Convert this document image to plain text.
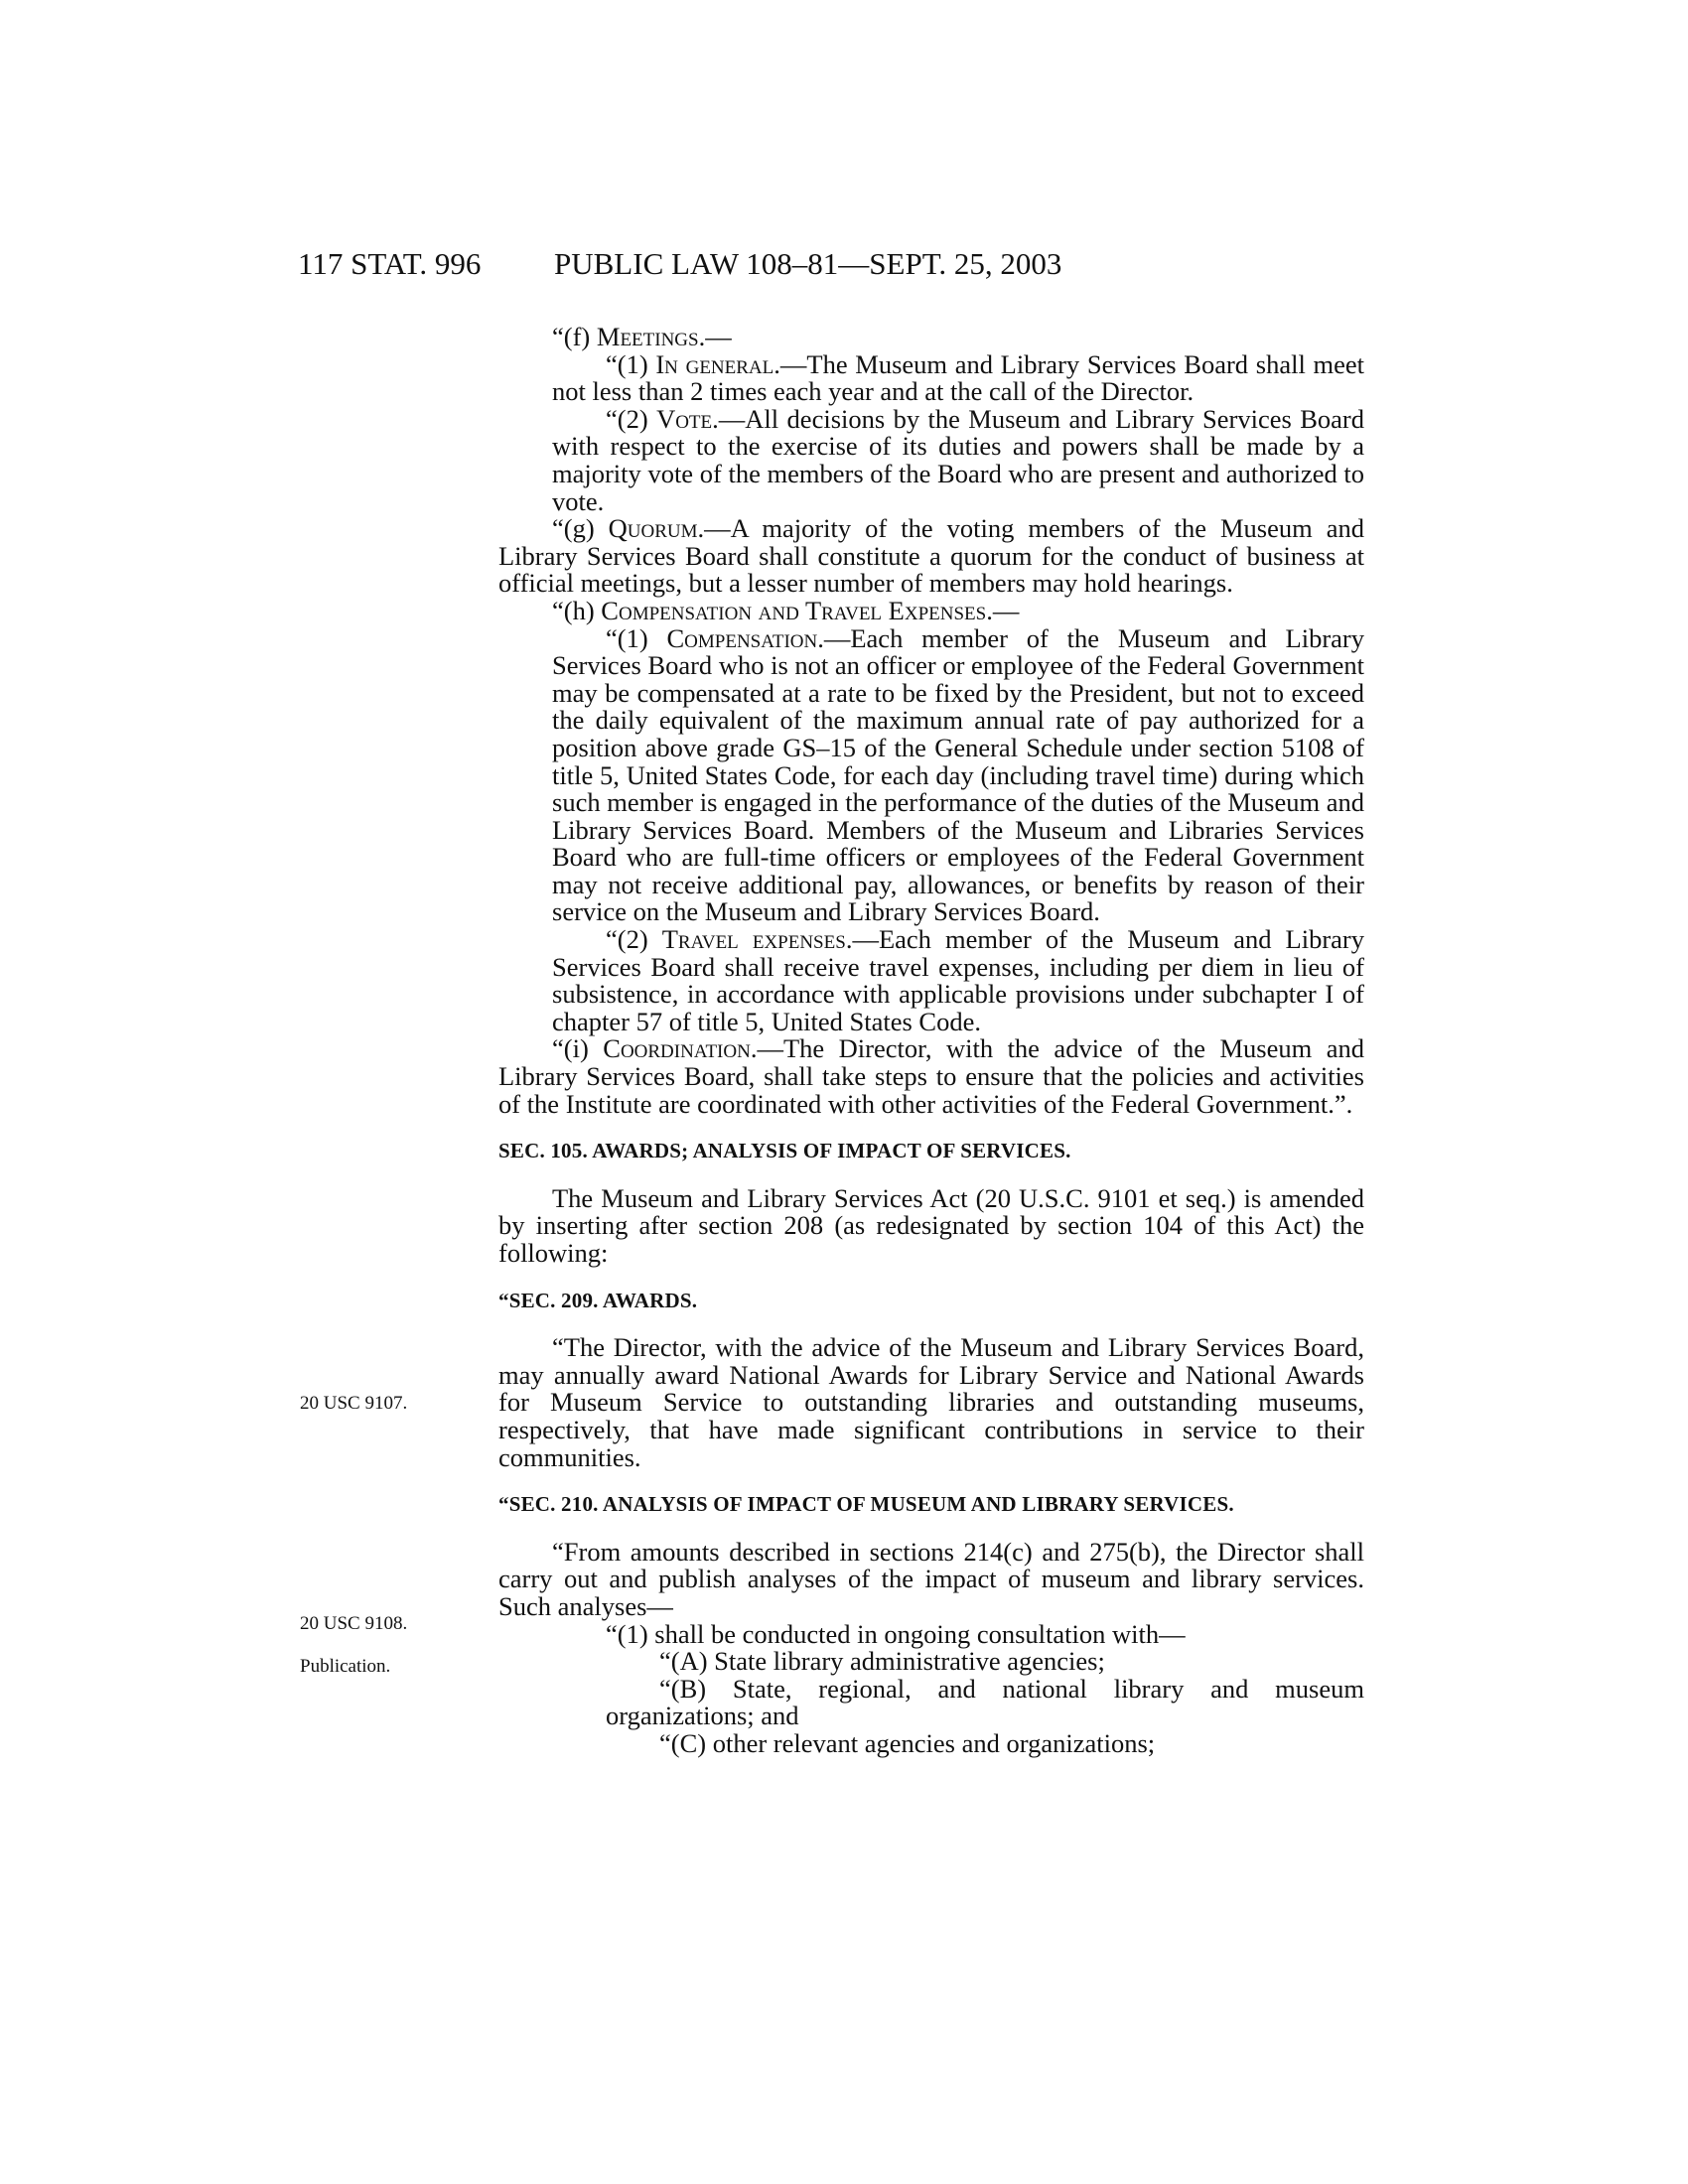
117 STAT. 996 PUBLIC LAW 108–81—SEPT. 25, 2003

“(f) Meetings.—

“(1) In general.—The Museum and Library Services Board shall meet not less than 2 times each year and at the call of the Director.

“(2) Vote.—All decisions by the Museum and Library Services Board with respect to the exercise of its duties and powers shall be made by a majority vote of the members of the Board who are present and authorized to vote.

“(g) Quorum.—A majority of the voting members of the Museum and Library Services Board shall constitute a quorum for the conduct of business at official meetings, but a lesser number of members may hold hearings.

“(h) Compensation and Travel Expenses.—

“(1) Compensation.—Each member of the Museum and Library Services Board who is not an officer or employee of the Federal Government may be compensated at a rate to be fixed by the President, but not to exceed the daily equivalent of the maximum annual rate of pay authorized for a position above grade GS–15 of the General Schedule under section 5108 of title 5, United States Code, for each day (including travel time) during which such member is engaged in the performance of the duties of the Museum and Library Services Board. Members of the Museum and Libraries Services Board who are full-time officers or employees of the Federal Government may not receive additional pay, allowances, or benefits by reason of their service on the Museum and Library Services Board.

“(2) Travel expenses.—Each member of the Museum and Library Services Board shall receive travel expenses, including per diem in lieu of subsistence, in accordance with applicable provisions under subchapter I of chapter 57 of title 5, United States Code.

“(i) Coordination.—The Director, with the advice of the Museum and Library Services Board, shall take steps to ensure that the policies and activities of the Institute are coordinated with other activities of the Federal Government.”.

SEC. 105. AWARDS; ANALYSIS OF IMPACT OF SERVICES.

The Museum and Library Services Act (20 U.S.C. 9101 et seq.) is amended by inserting after section 208 (as redesignated by section 104 of this Act) the following:

“SEC. 209. AWARDS.

“The Director, with the advice of the Museum and Library Services Board, may annually award National Awards for Library Service and National Awards for Museum Service to outstanding libraries and outstanding museums, respectively, that have made significant contributions in service to their communities.

“SEC. 210. ANALYSIS OF IMPACT OF MUSEUM AND LIBRARY SERVICES.

“From amounts described in sections 214(c) and 275(b), the Director shall carry out and publish analyses of the impact of museum and library services. Such analyses—

“(1) shall be conducted in ongoing consultation with—

“(A) State library administrative agencies;

“(B) State, regional, and national library and museum organizations; and

“(C) other relevant agencies and organizations;

20 USC 9107.
20 USC 9108.
Publication.
